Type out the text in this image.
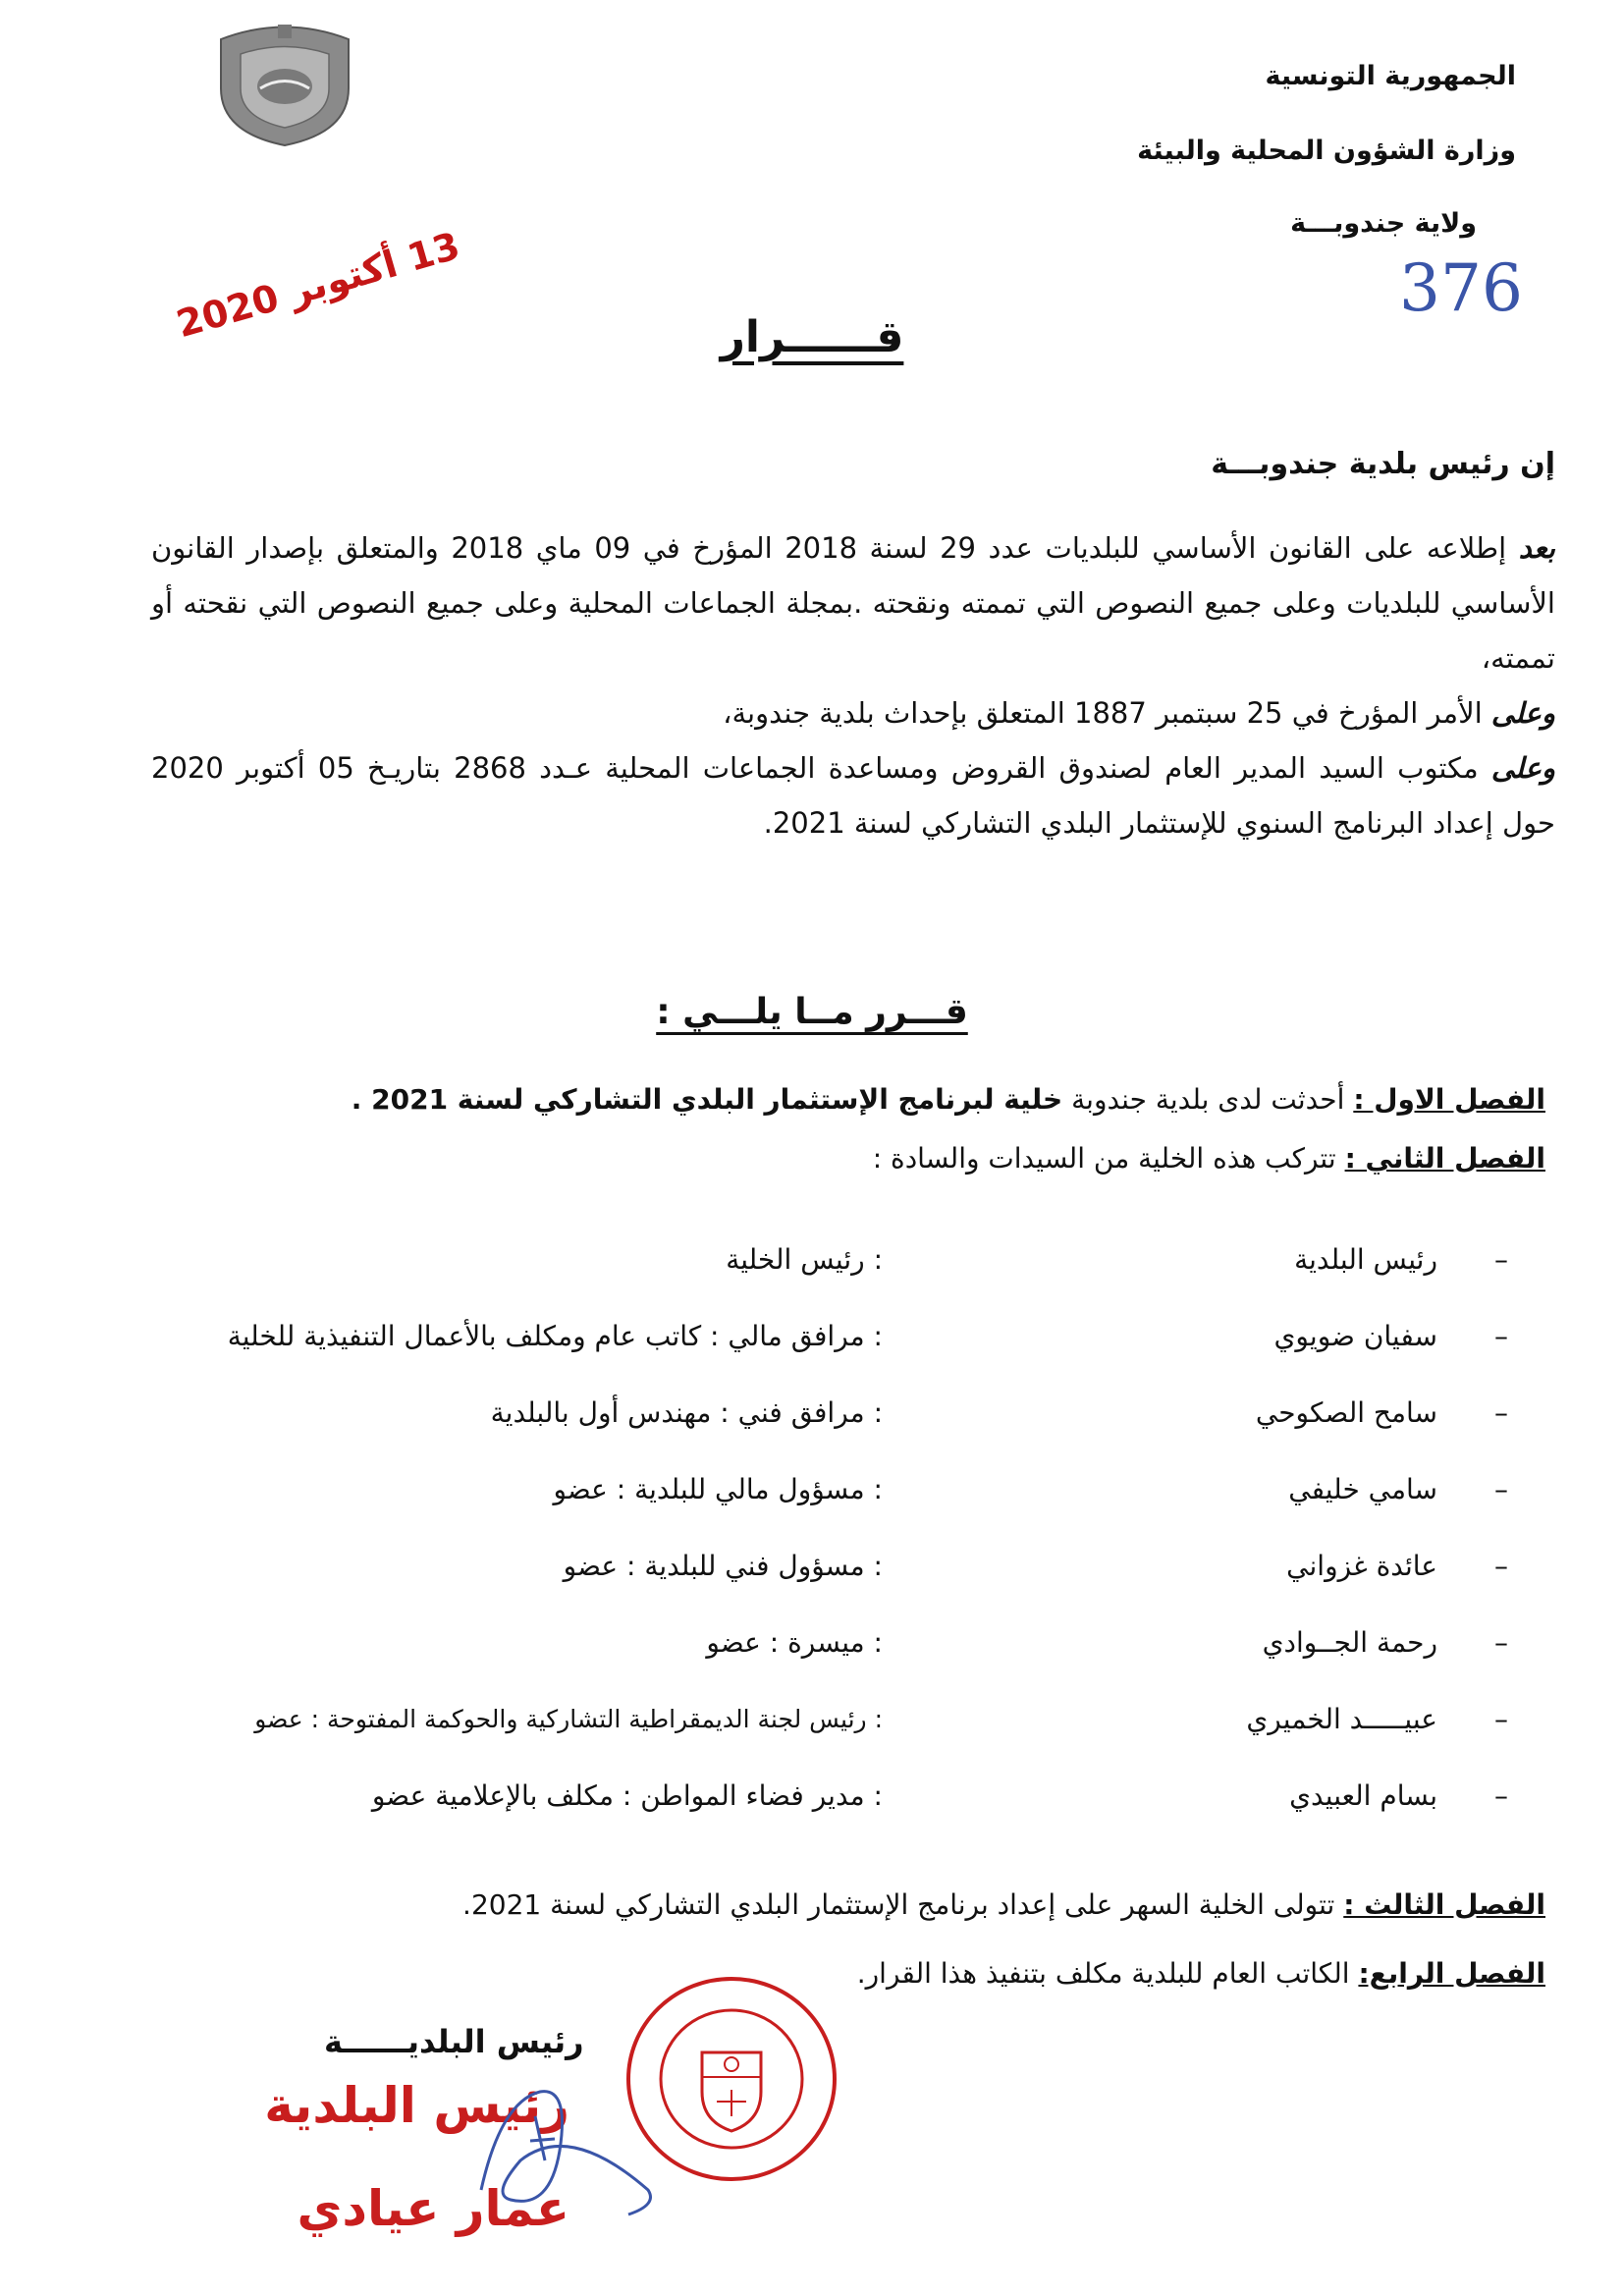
الجمهورية التونسية
وزارة الشؤون المحلية والبيئة
ولاية جندوبـــة
13 أكتوبر 2020	376
قــــــرار
إن رئيس بلدية جندوبـــة
بعد إطلاعه على القانون الأساسي للبلديات عدد 29 لسنة 2018 المؤرخ في 09 ماي 2018 والمتعلق بإصدار القانون الأساسي للبلديات وعلى جميع النصوص التي تممته ونقحته .بمجلة الجماعات المحلية وعلى جميع النصوص التي نقحته أو تممته،
وعلى الأمر المؤرخ في 25 سبتمبر 1887 المتعلق بإحداث بلدية جندوبة،
وعلى مكتوب السيد المدير العام لصندوق القروض ومساعدة الجماعات المحلية عـدد 2868 بتاريـخ 05 أكتوبر 2020 حول إعداد البرنامج السنوي للإستثمار البلدي التشاركي لسنة 2021.
قـــرر مــا يلـــي :
الفصل الاول : أحدثت لدى بلدية جندوبة خلية لبرنامج الإستثمار البلدي التشاركي لسنة 2021 .
الفصل الثاني : تتركب هذه الخلية من السيدات والسادة :
–
رئيس البلدية
: رئيس الخلية
–
سفيان ضويوي
: مرافق مالي : كاتب عام ومكلف بالأعمال التنفيذية للخلية
–
سامح الصكوحي
: مرافق فني : مهندس أول بالبلدية
–
سامي خليفي
: مسؤول مالي للبلدية : عضو
–
عائدة غزواني
: مسؤول فني للبلدية : عضو
–
رحمة الجــوادي
: ميسرة : عضو
–
عبيـــــد الخميري
: رئيس لجنة الديمقراطية التشاركية والحوكمة المفتوحة : عضو
–
بسام العبيدي
: مدير فضاء المواطن : مكلف بالإعلامية عضو
الفصل الثالث : تتولى الخلية السهر على إعداد برنامج الإستثمار البلدي التشاركي لسنة 2021.
الفصل الرابع: الكاتب العام للبلدية مكلف بتنفيذ هذا القرار.
رئيس البلديــــــة
رئيس البلدية
عمار عيادي
